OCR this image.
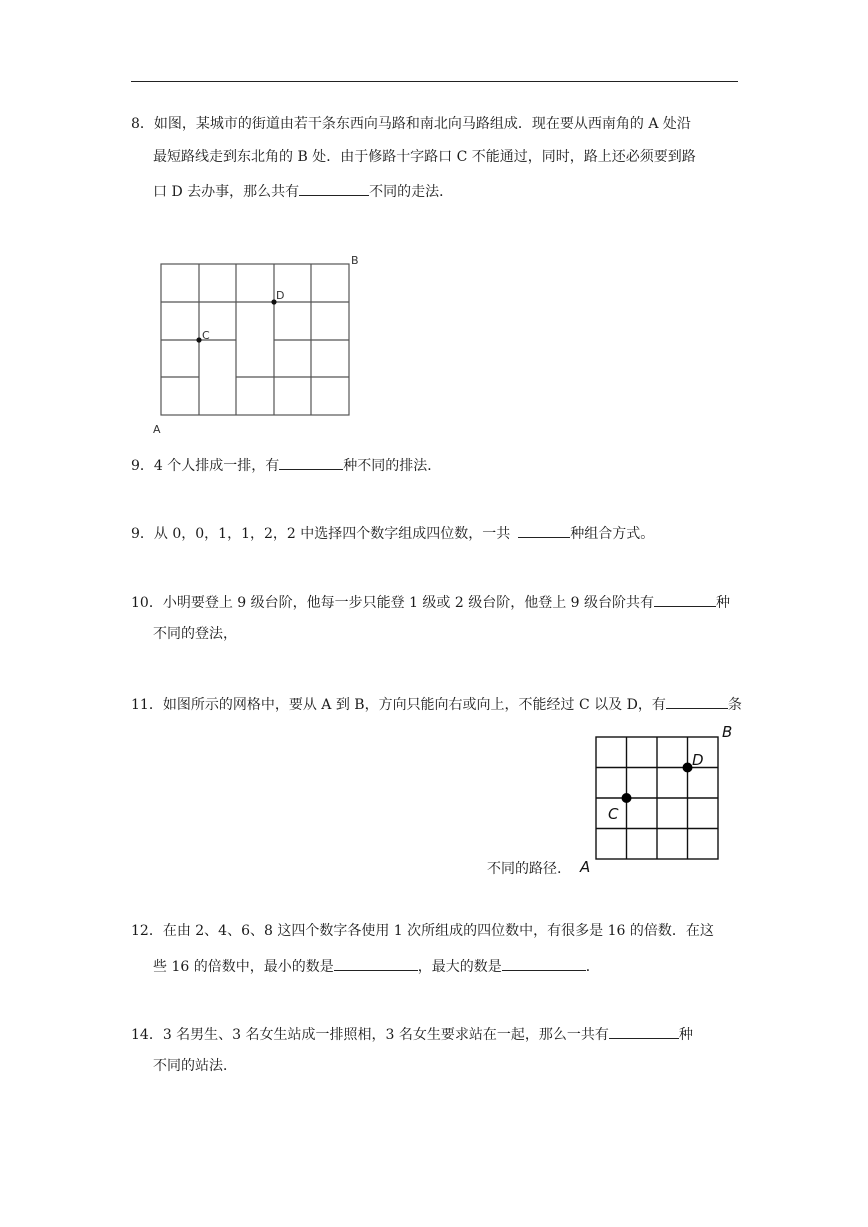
8．如图，某城市的街道由若干条东西向马路和南北向马路组成．现在要从西南角的 A 处沿
最短路线走到东北角的 B 处．由于修路十字路口 C 不能通过，同时，路上还必须要到路
口 D 去办事，那么共有	不同的走法．
A
B
C
D
9．4 个人排成一排，有	种不同的排法．
9．从 0，0，1，1，2，2 中选择四个数字组成四位数，一共	种组合方式。
10．小明要登上 9 级台阶，他每一步只能登 1 级或 2 级台阶，他登上 9 级台阶共有	种
不同的登法，
11．如图所示的网格中，要从 A 到 B，方向只能向右或向上，不能经过 C 以及 D，有	条
不同的路径. A
B
C
D
12．在由 2、4、6、8 这四个数字各使用 1 次所组成的四位数中，有很多是 16 的倍数．在这
些 16 的倍数中，最小的数是	，最大的数是	．
14．3 名男生、3 名女生站成一排照相，3 名女生要求站在一起，那么一共有	种
不同的站法．
